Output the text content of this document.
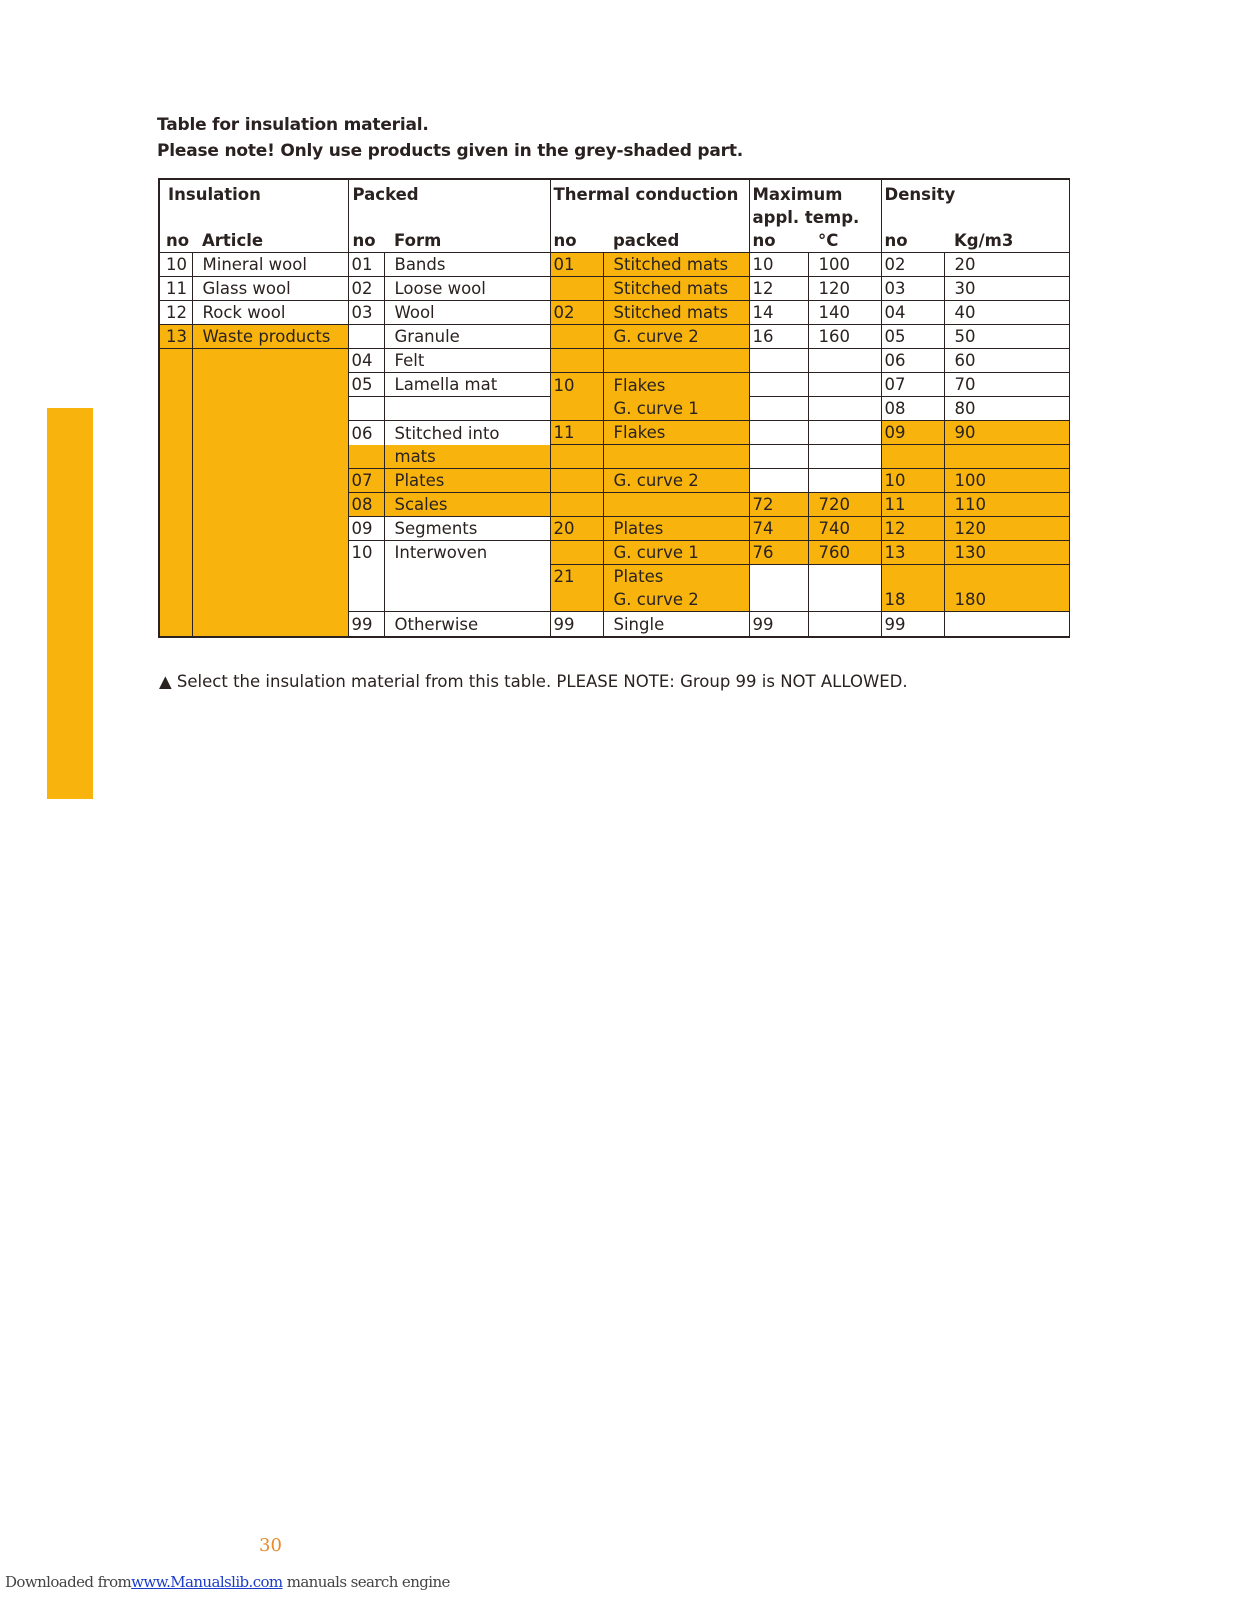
Table for insulation material.
Please note! Only use products given in the grey-shaded part.
Insulation		Packed		Thermal conduction		Maximum		Density	
						appl. temp.			
no	Article	no	Form	no	packed	no	°C	no	Kg/m3
10	Mineral wool	01	Bands	01	Stitched mats	10	100	02	20
11	Glass wool	02	Loose wool		Stitched mats	12	120	03	30
12	Rock wool	03	Wool	02	Stitched mats	14	140	04	40
13	Waste products		Granule		G. curve 2	16	160	05	50
		04	Felt					06	60
		05	Lamella mat	10	Flakes			07	70
					G. curve 1			08	80
		06	Stitched into	11	Flakes			09	90
			mats						
		07	Plates		G. curve 2			10	100
		08	Scales			72	720	11	110
		09	Segments	20	Plates	74	740	12	120
		10	Interwoven		G. curve 1	76	760	13	130
				21	Plates				
					G. curve 2			18	180
		99	Otherwise	99	Single	99		99	
▲ Select the insulation material from this table. PLEASE NOTE: Group 99 is NOT ALLOWED.
30
Downloaded fromwww.Manualslib.com manuals search engine
